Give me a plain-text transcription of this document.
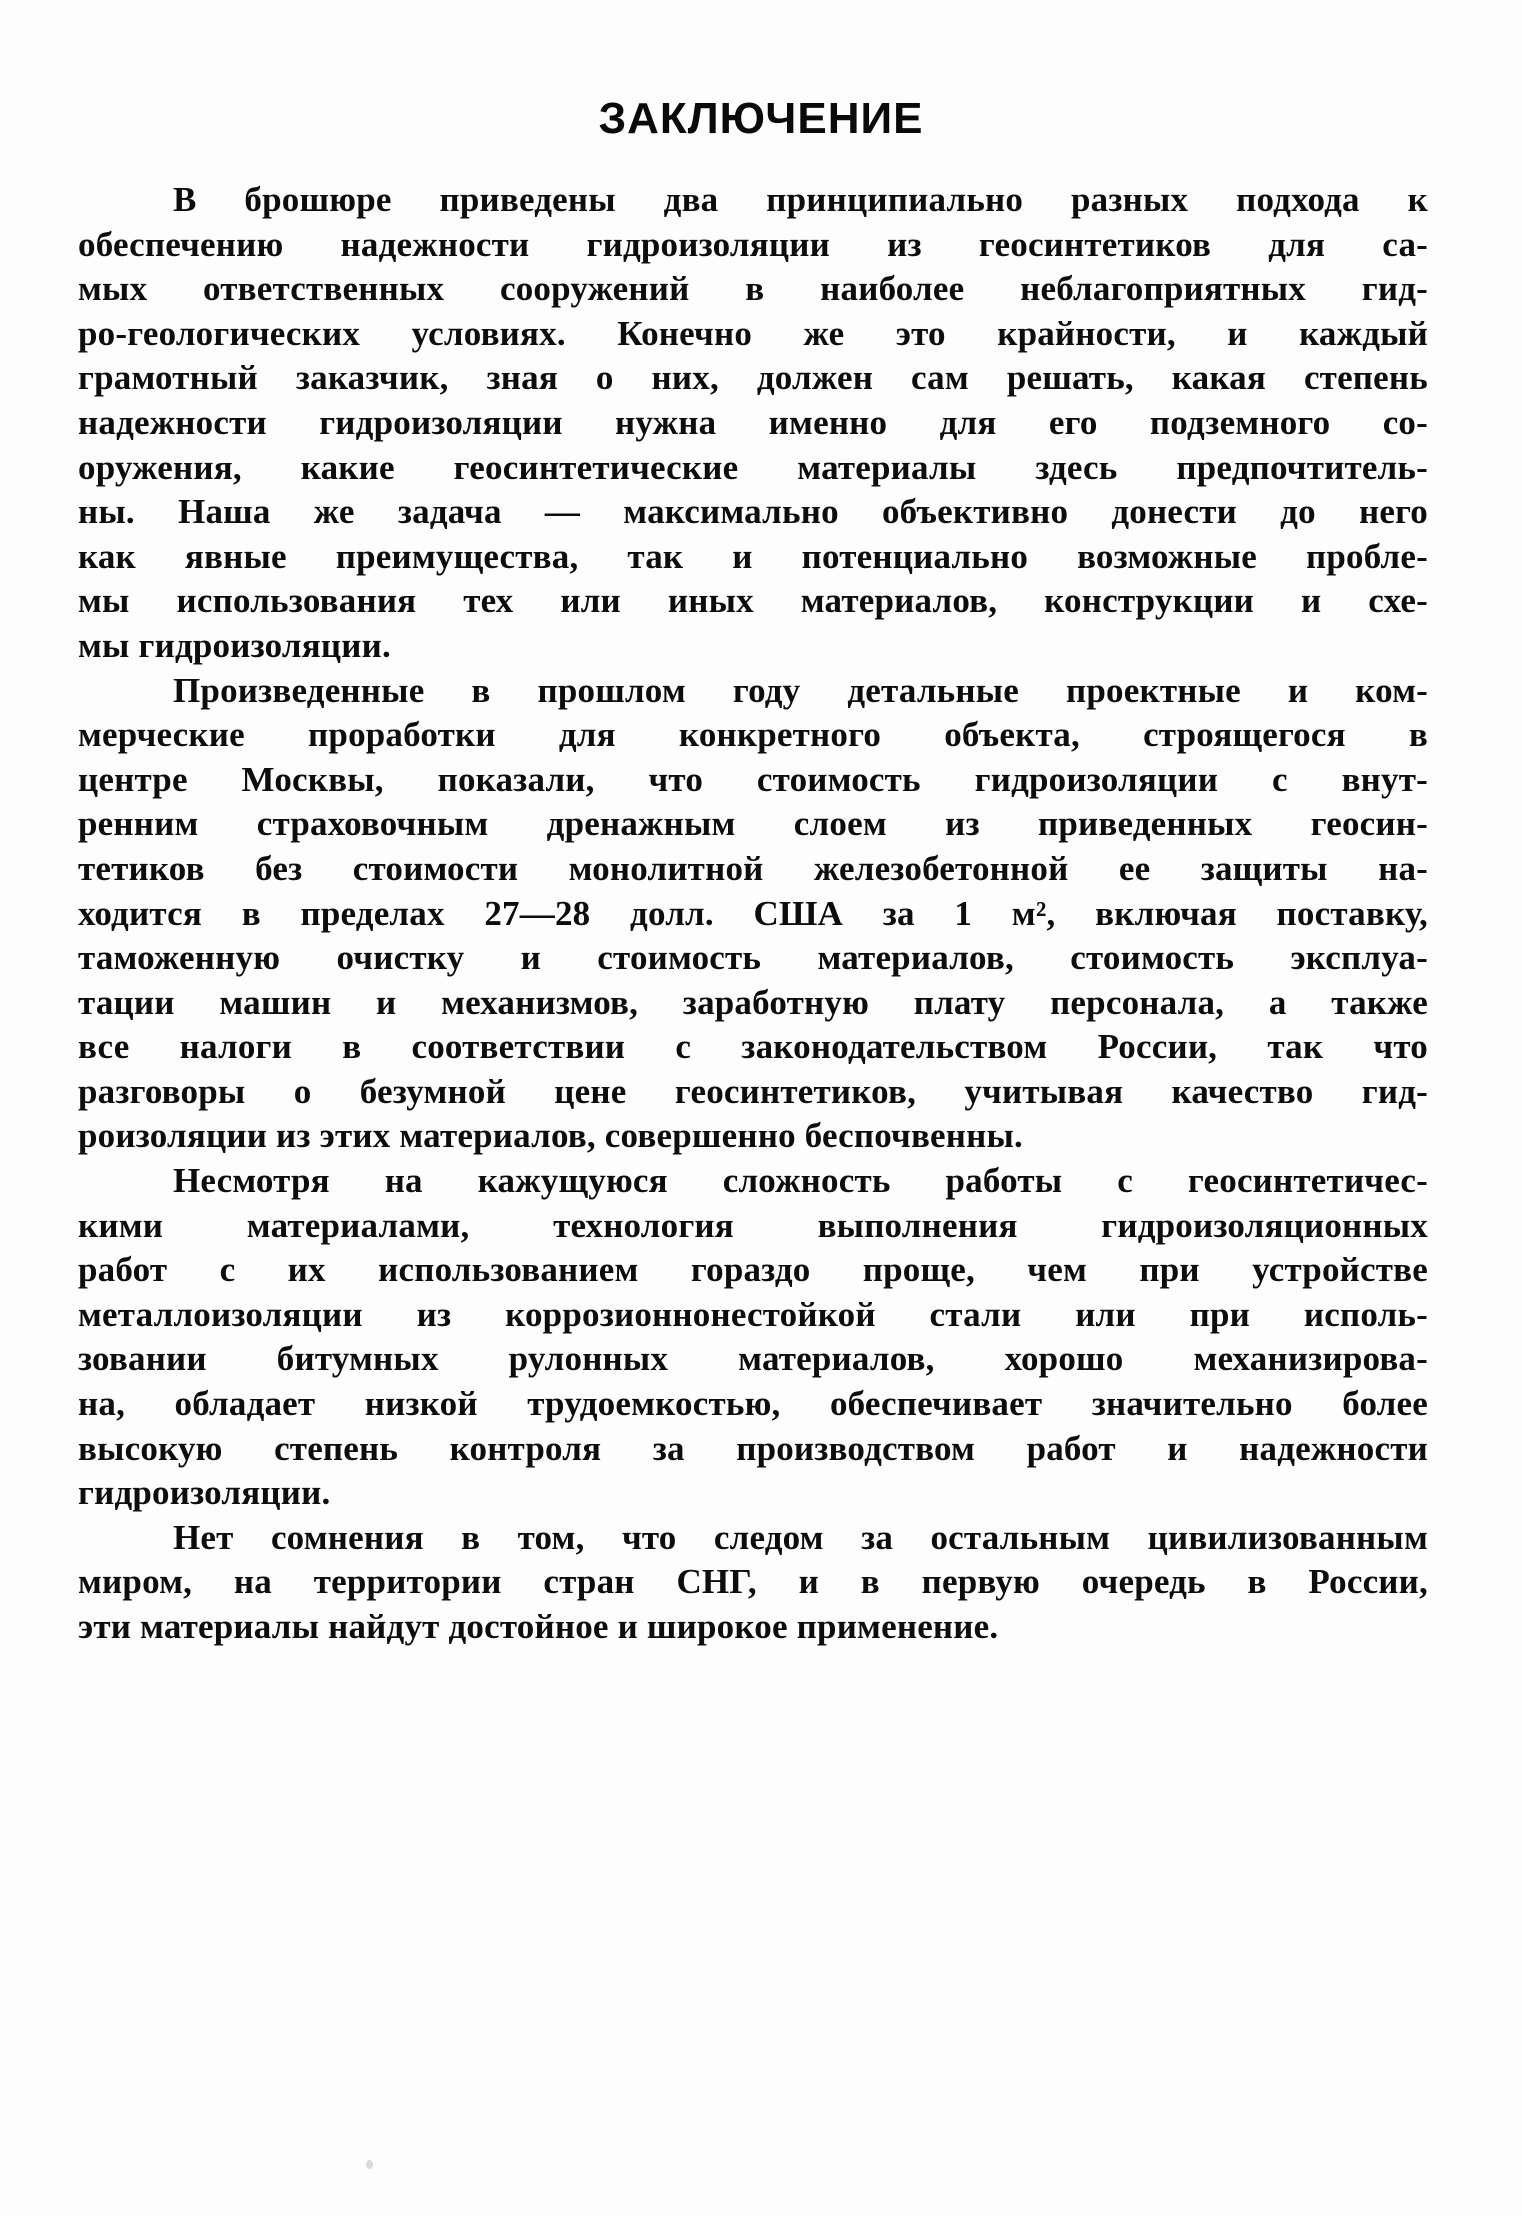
ЗАКЛЮЧЕНИЕ
В брошюре приведены два принципиально разных подхода к
обеспечению надежности гидроизоляции из геосинтетиков для са-
мых ответственных сооружений в наиболее неблагоприятных гид-
ро-геологических условиях. Конечно же это крайности, и каждый
грамотный заказчик, зная о них, должен сам решать, какая степень
надежности гидроизоляции нужна именно для его подземного со-
оружения, какие геосинтетические материалы здесь предпочтитель-
ны. Наша же задача — максимально объективно донести до него
как явные преимущества, так и потенциально возможные пробле-
мы использования тех или иных материалов, конструкции и схе-
мы гидроизоляции.
Произведенные в прошлом году детальные проектные и ком-
мерческие проработки для конкретного объекта, строящегося в
центре Москвы, показали, что стоимость гидроизоляции с внут-
ренним страховочным дренажным слоем из приведенных геосин-
тетиков без стоимости монолитной железобетонной ее защиты на-
ходится в пределах 27—28 долл. США за 1 м², включая поставку,
таможенную очистку и стоимость материалов, стоимость эксплуа-
тации машин и механизмов, заработную плату персонала, а также
все налоги в соответствии с законодательством России, так что
разговоры о безумной цене геосинтетиков, учитывая качество гид-
роизоляции из этих материалов, совершенно беспочвенны.
Несмотря на кажущуюся сложность работы с геосинтетичес-
кими материалами, технология выполнения гидроизоляционных
работ с их использованием гораздо проще, чем при устройстве
металлоизоляции из коррозионнонестойкой стали или при исполь-
зовании битумных рулонных материалов, хорошо механизирова-
на, обладает низкой трудоемкостью, обеспечивает значительно более
высокую степень контроля за производством работ и надежности
гидроизоляции.
Нет сомнения в том, что следом за остальным цивилизованным
миром, на территории стран СНГ, и в первую очередь в России,
эти материалы найдут достойное и широкое применение.
